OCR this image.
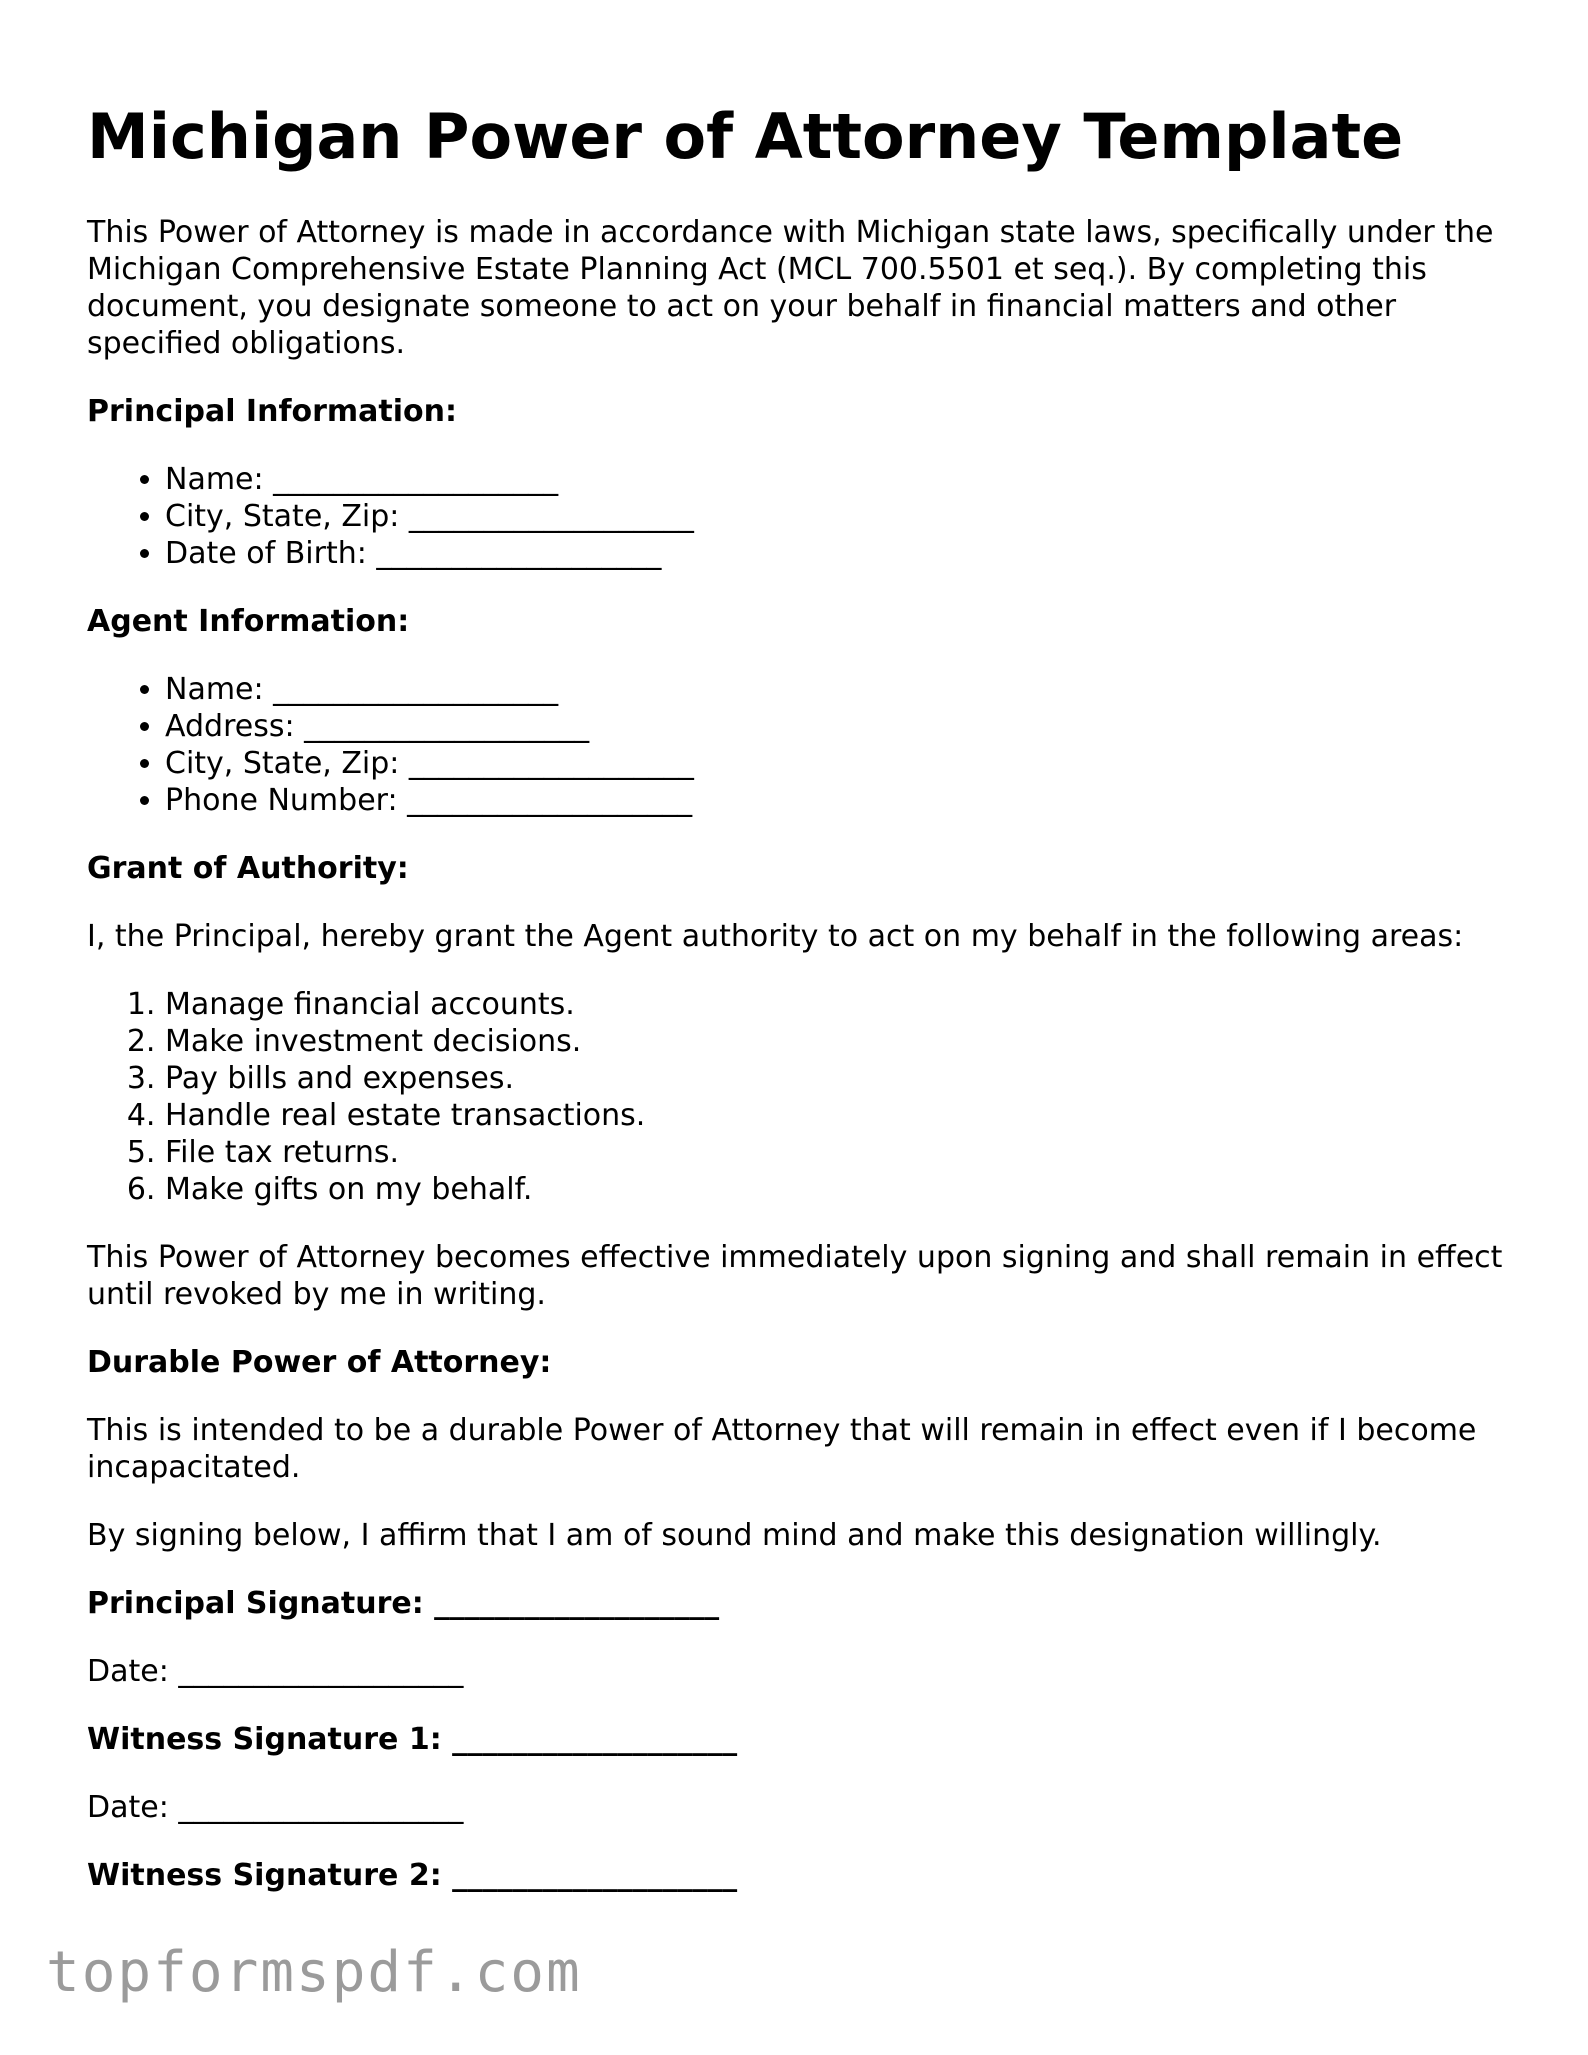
Michigan Power of Attorney Template

This Power of Attorney is made in accordance with Michigan state laws, specifically under the Michigan Comprehensive Estate Planning Act (MCL 700.5501 et seq.). By completing this document, you designate someone to act on your behalf in financial matters and other specified obligations.

Principal Information:

• Name: ___________________
• City, State, Zip: ___________________
• Date of Birth: ___________________

Agent Information:

• Name: ___________________
• Address: ___________________
• City, State, Zip: ___________________
• Phone Number: ___________________

Grant of Authority:

I, the Principal, hereby grant the Agent authority to act on my behalf in the following areas:

1. Manage financial accounts.
2. Make investment decisions.
3. Pay bills and expenses.
4. Handle real estate transactions.
5. File tax returns.
6. Make gifts on my behalf.

This Power of Attorney becomes effective immediately upon signing and shall remain in effect until revoked by me in writing.

Durable Power of Attorney:

This is intended to be a durable Power of Attorney that will remain in effect even if I become incapacitated.

By signing below, I affirm that I am of sound mind and make this designation willingly.

Principal Signature: ___________________

Date: ___________________

Witness Signature 1: ___________________

Date: ___________________

Witness Signature 2: ___________________

topformspdf.com
